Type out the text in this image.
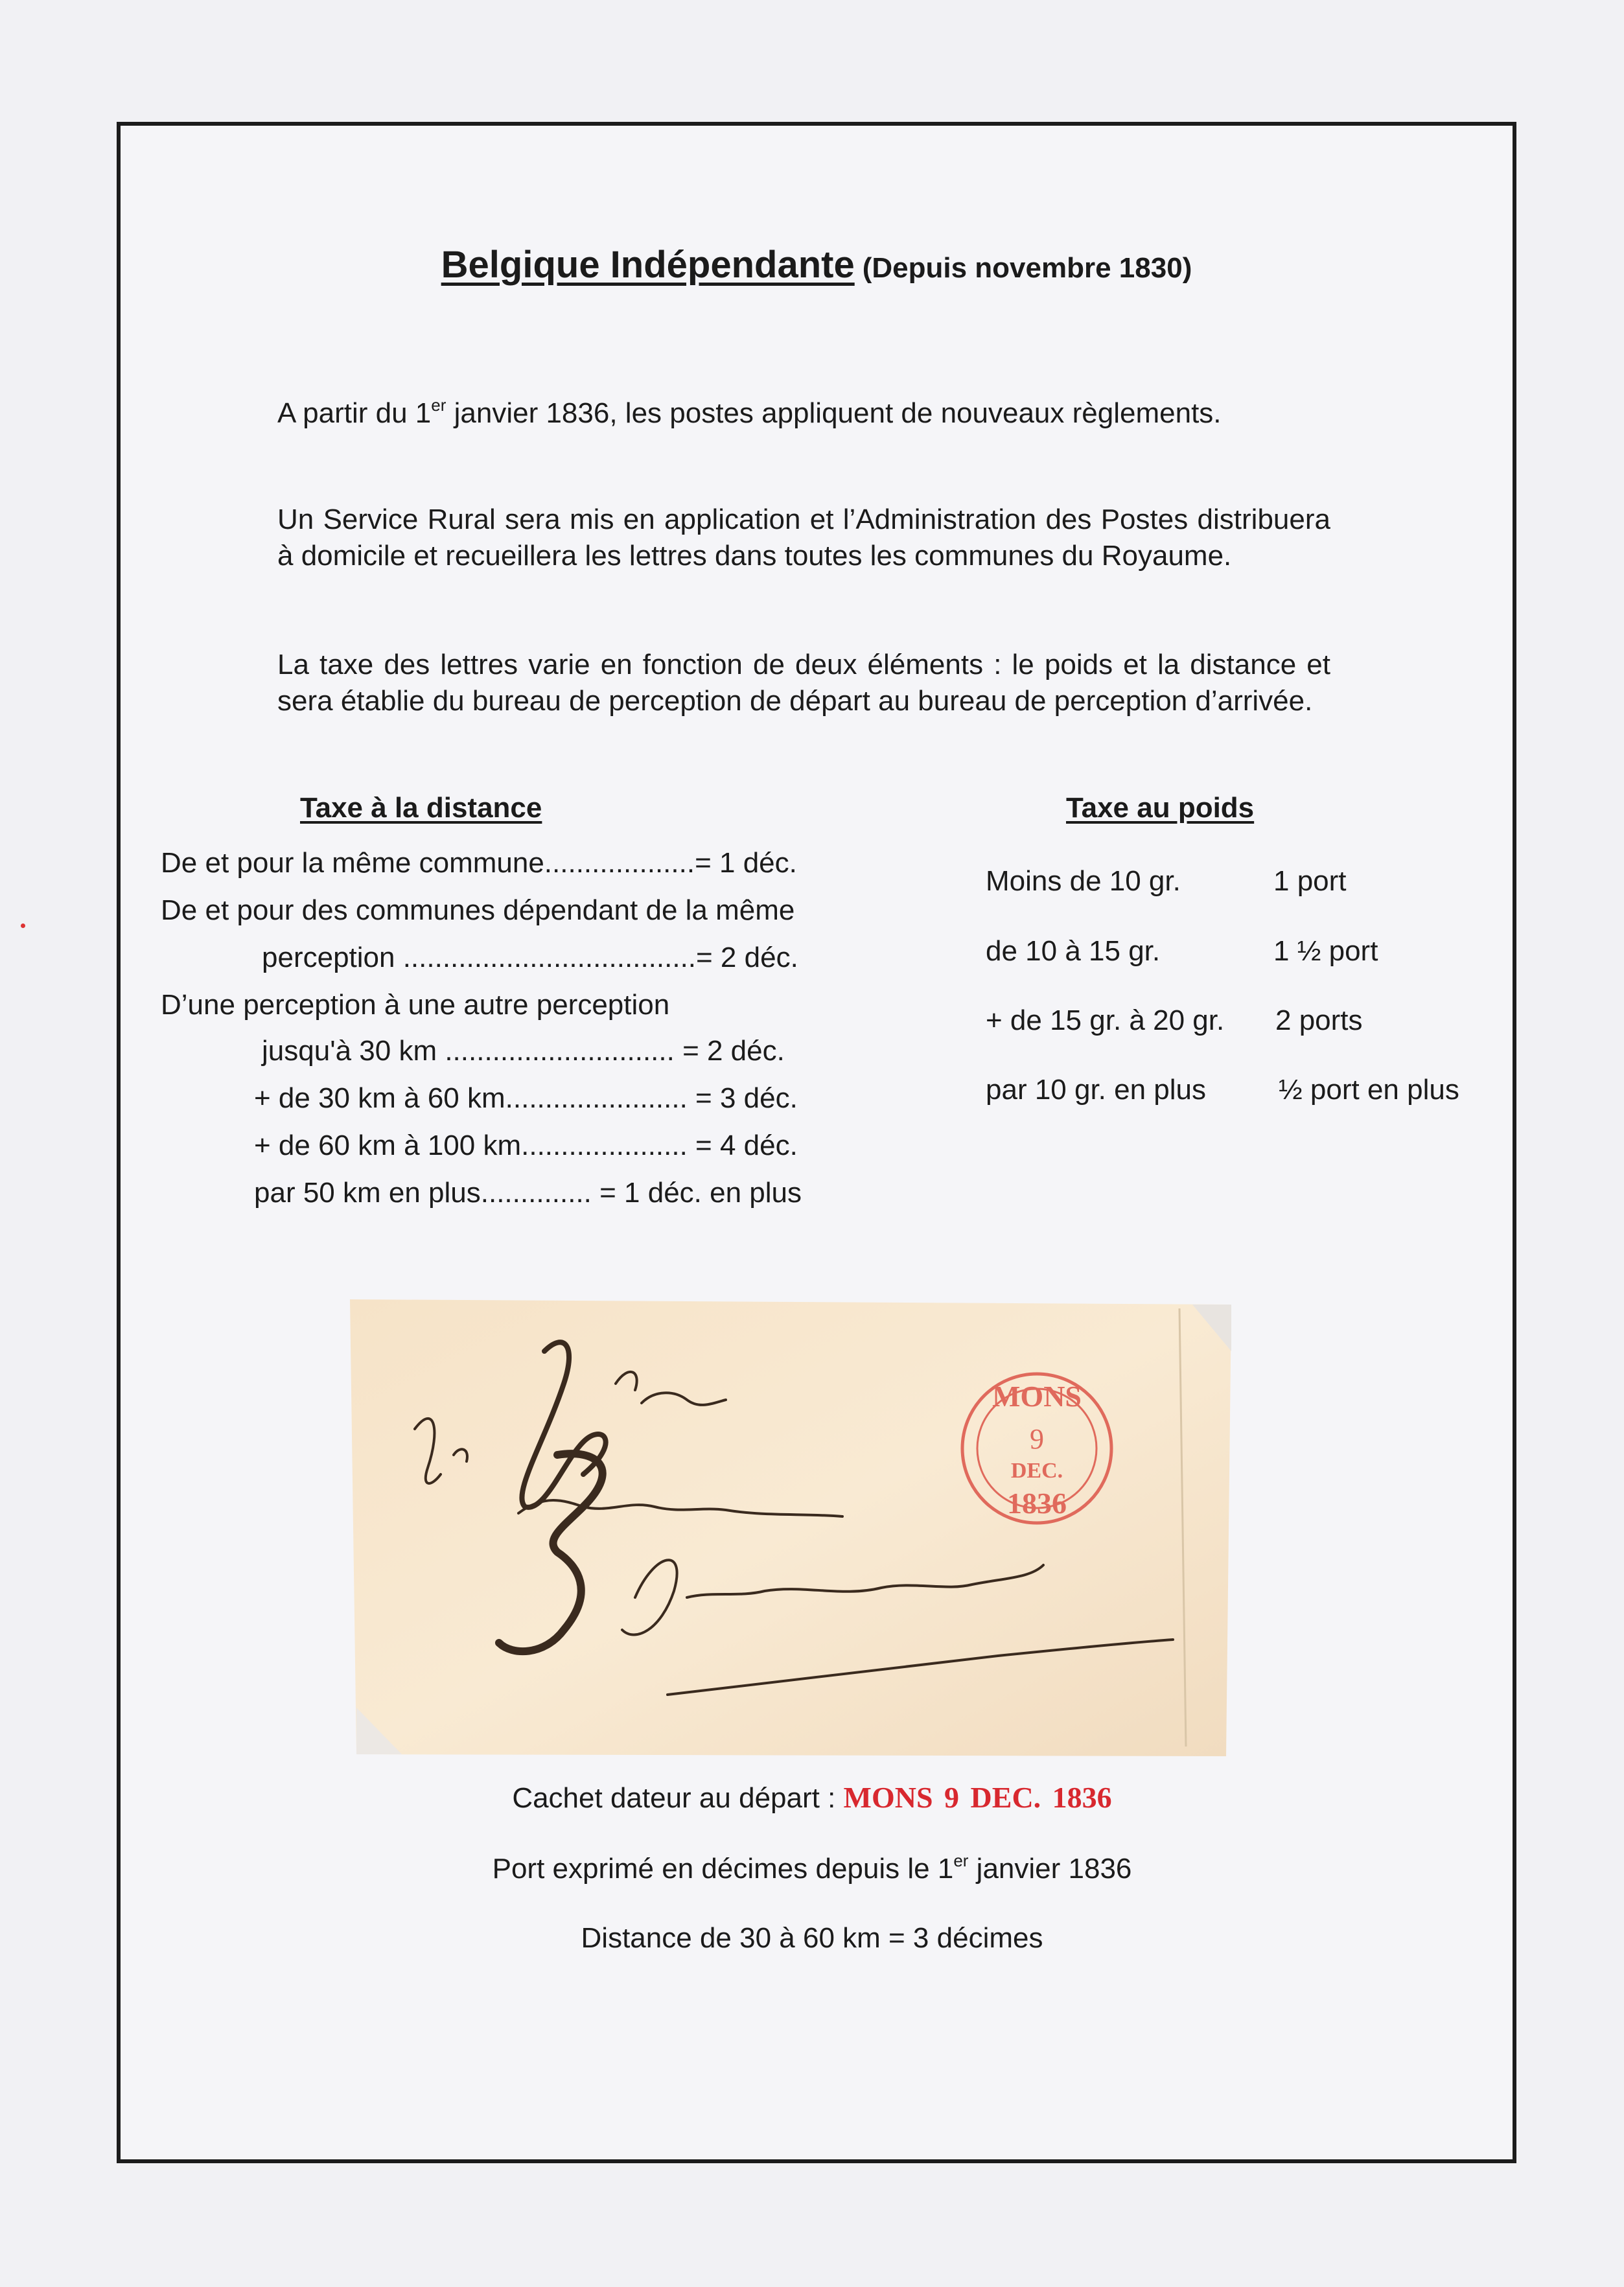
Belgique Indépendante (Depuis novembre 1830)

A partir du 1er janvier 1836, les postes appliquent de nouveaux règlements.

Un Service Rural sera mis en application et l’Administration des Postes distribuera à domicile et recueillera les lettres dans toutes les communes du Royaume.

La taxe des lettres varie en fonction de deux éléments : le poids et la distance et sera établie du bureau de perception de départ au bureau de perception d’arrivée.

Taxe à la distance
De et pour la même commune...................= 1 déc.
De et pour des communes dépendant de la même
perception .....................................= 2 déc.
D’une perception à une autre perception
jusqu'à 30 km ............................. = 2 déc.
+ de 30 km à 60 km....................... = 3 déc.
+ de 60 km à 100 km..................... = 4 déc.
par 50 km en plus.............. = 1 déc. en plus
Taxe au poids
Moins de 10 gr.	1 port
de 10 à 15 gr.	1 ½ port
+ de 15 gr. à 20 gr. 2 ports
par 10 gr. en plus	½ port en plus
MONS
9
DEC.
1836
Cachet dateur au départ : MONS 9 DEC. 1836
Port exprimé en décimes depuis le 1er janvier 1836
Distance de 30 à 60 km = 3 décimes
